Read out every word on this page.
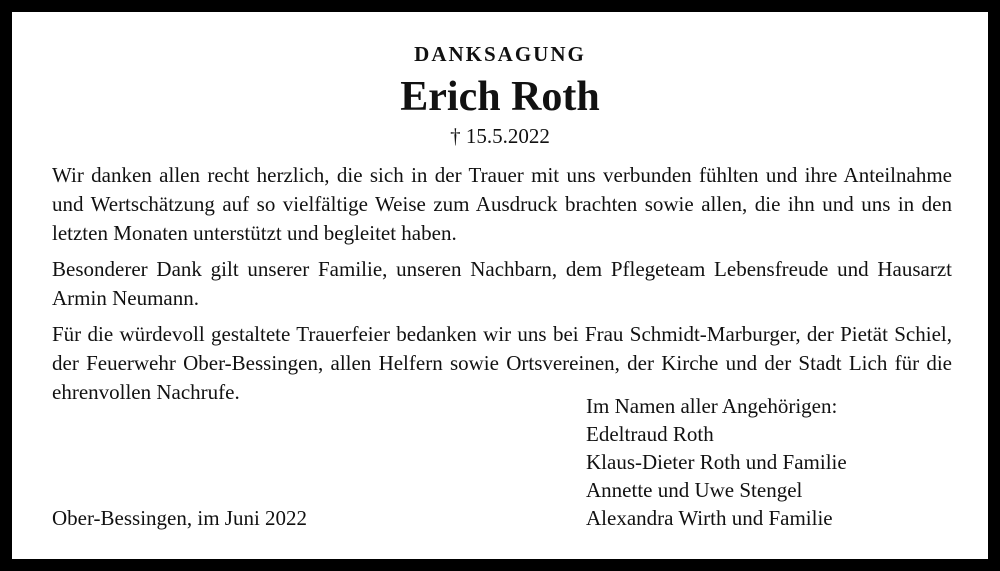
DANKSAGUNG
Erich Roth
† 15.5.2022

Wir danken allen recht herzlich, die sich in der Trauer mit uns verbunden fühlten und ihre Anteilnahme und Wertschätzung auf so vielfältige Weise zum Ausdruck brachten sowie allen, die ihn und uns in den letzten Monaten unterstützt und begleitet haben.

Besonderer Dank gilt unserer Familie, unseren Nachbarn, dem Pflegeteam Lebensfreude und Hausarzt Armin Neumann.

Für die würdevoll gestaltete Trauerfeier bedanken wir uns bei Frau Schmidt-Marburger, der Pietät Schiel, der Feuerwehr Ober-Bessingen, allen Helfern sowie Ortsvereinen, der Kirche und der Stadt Lich für die ehrenvollen Nachrufe.

Im Namen aller Angehörigen:
Edeltraud Roth
Klaus-Dieter Roth und Familie
Annette und Uwe Stengel
Alexandra Wirth und Familie
Ober-Bessingen, im Juni 2022
